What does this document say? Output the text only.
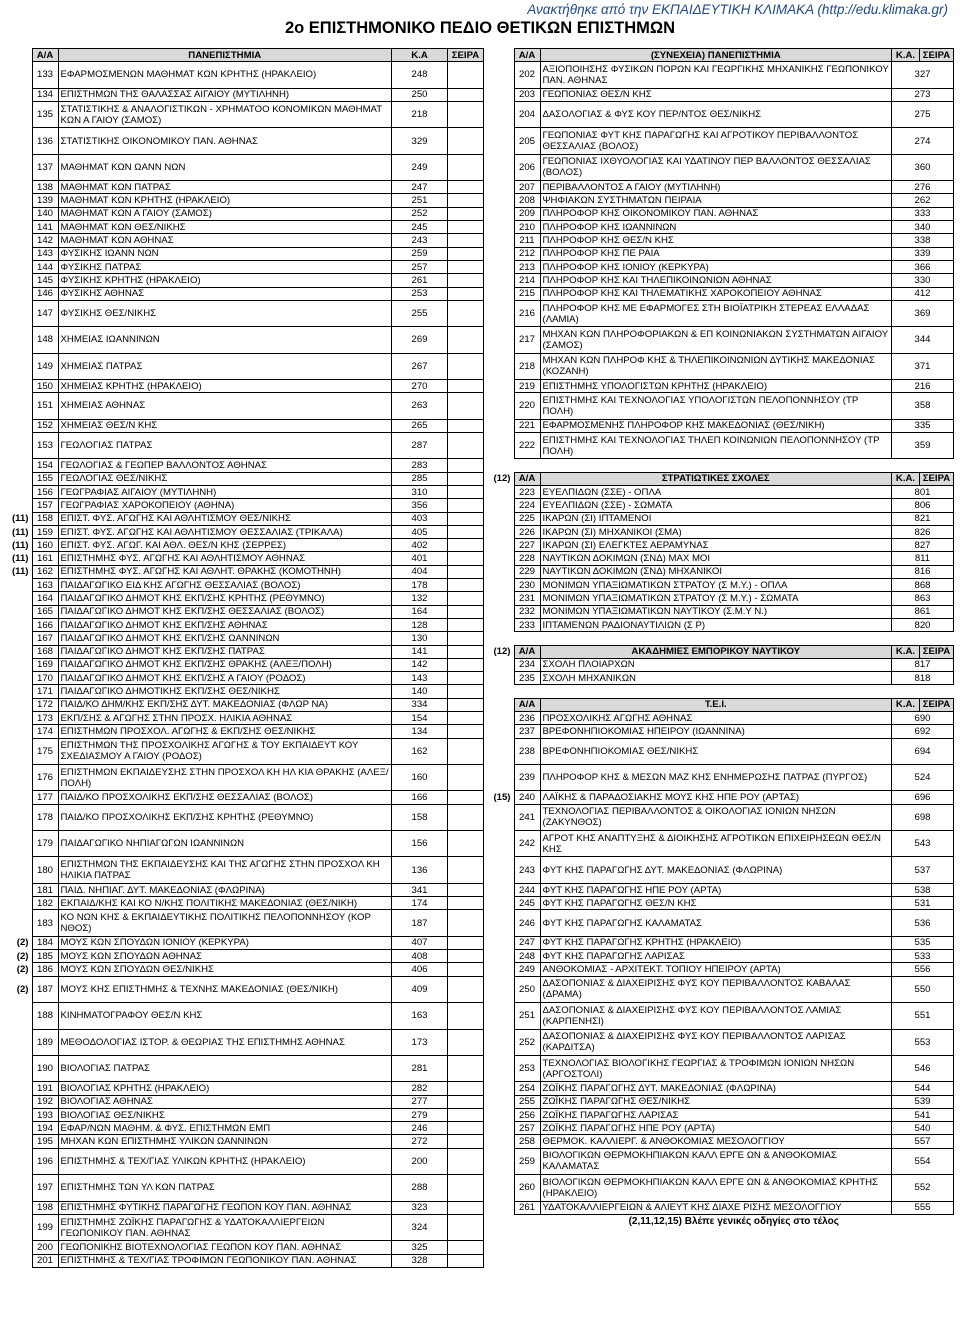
Ανακτήθηκε από την ΕΚΠΑΙΔΕΥΤΙΚΗ ΚΛΙΜΑΚΑ (http://edu.klimaka.gr)
2ο ΕΠΙΣΤΗΜΟΝΙΚΟ ΠΕΔΙΟ ΘΕΤΙΚΩΝ ΕΠΙΣΤΗΜΩΝ
	Α/Α	ΠΑΝΕΠΙΣΤΗΜΙΑ	Κ.Α	ΣΕΙΡΑ
	133	ΕΦΑΡΜΟΣΜΕΝΩΝ ΜΑΘΗΜΑΤ ΚΩΝ ΚΡΗΤΗΣ (ΗΡΑΚΛΕΙΟ)	248	
	134	ΕΠΙΣΤΗΜΩΝ ΤΗΣ ΘΑΛΑΣΣΑΣ ΑΙΓΑΙΟΥ (ΜΥΤΙΛΗΝΗ)	250	
	135	ΣΤΑΤΙΣΤΙΚΗΣ & ΑΝΑΛΟΓΙΣΤΙΚΩΝ - ΧΡΗΜΑΤΟΟ ΚΟΝΟΜΙΚΩΝ ΜΑΘΗΜΑΤ ΚΩΝ Α ΓΑΙΟΥ (ΣΑΜΟΣ)	218	
	136	ΣΤΑΤΙΣΤΙΚΗΣ ΟΙΚΟΝΟΜΙΚΟΥ ΠΑΝ. ΑΘΗΝΑΣ	329	
	137	ΜΑΘΗΜΑΤ ΚΩΝ ΩΑΝΝ ΝΩΝ	249	
	138	ΜΑΘΗΜΑΤ ΚΩΝ ΠΑΤΡΑΣ	247	
	139	ΜΑΘΗΜΑΤ ΚΩΝ ΚΡΗΤΗΣ (ΗΡΑΚΛΕΙΟ)	251	
	140	ΜΑΘΗΜΑΤ ΚΩΝ Α ΓΑΙΟΥ (ΣΑΜΟΣ)	252	
	141	ΜΑΘΗΜΑΤ ΚΩΝ ΘΕΣ/ΝΙΚΗΣ	245	
	142	ΜΑΘΗΜΑΤ ΚΩΝ ΑΘΗΝΑΣ	243	
	143	ΦΥΣΙΚΗΣ ΙΩΑΝΝ ΝΩΝ	259	
	144	ΦΥΣΙΚΗΣ ΠΑΤΡΑΣ	257	
	145	ΦΥΣΙΚΗΣ ΚΡΗΤΗΣ (ΗΡΑΚΛΕΙΟ)	261	
	146	ΦΥΣΙΚΗΣ ΑΘΗΝΑΣ	253	
	147	ΦΥΣΙΚΗΣ ΘΕΣ/ΝΙΚΗΣ	255	
	148	ΧΗΜΕΙΑΣ ΙΩΑΝΝΙΝΩΝ	269	
	149	ΧΗΜΕΙΑΣ ΠΑΤΡΑΣ	267	
	150	ΧΗΜΕΙΑΣ ΚΡΗΤΗΣ (ΗΡΑΚΛΕΙΟ)	270	
	151	ΧΗΜΕΙΑΣ ΑΘΗΝΑΣ	263	
	152	ΧΗΜΕΙΑΣ ΘΕΣ/Ν ΚΗΣ	265	
	153	ΓΕΩΛΟΓΙΑΣ ΠΑΤΡΑΣ	287	
	154	ΓΕΩΛΟΓΙΑΣ & ΓΕΩΠΕΡ ΒΑΛΛΟΝΤΟΣ ΑΘΗΝΑΣ	283	
	155	ΓΕΩΛΟΓΙΑΣ ΘΕΣ/ΝΙΚΗΣ	285	
	156	ΓΕΩΓΡΑΦΙΑΣ ΑΙΓΑΙΟΥ (ΜΥΤΙΛΗΝΗ)	310	
	157	ΓΕΩΓΡΑΦΙΑΣ ΧΑΡΟΚΟΠΕΙΟΥ (ΑΘΗΝΑ)	356	
(11)	158	ΕΠΙΣΤ. ΦΥΣ. ΑΓΩΓΗΣ ΚΑΙ ΑΘΛΗΤΙΣΜΟΥ ΘΕΣ/ΝΙΚΗΣ	403	
(11)	159	ΕΠΙΣΤ. ΦΥΣ. ΑΓΩΓΗΣ ΚΑΙ ΑΘΛΗΤΙΣΜΟΥ ΘΕΣΣΑΛΙΑΣ (ΤΡΙΚΑΛΑ)	405	
(11)	160	ΕΠΙΣΤ. ΦΥΣ. ΑΓΩΓ. ΚΑΙ ΑΘΛ. ΘΕΣ/Ν ΚΗΣ (ΣΕΡΡΕΣ)	402	
(11)	161	ΕΠΙΣΤΗΜΗΣ ΦΥΣ. ΑΓΩΓΗΣ ΚΑΙ ΑΘΛΗΤΙΣΜΟΥ ΑΘΗΝΑΣ	401	
(11)	162	ΕΠΙΣΤΗΜΗΣ ΦΥΣ. ΑΓΩΓΗΣ ΚΑΙ ΑΘΛΗΤ. ΘΡΑΚΗΣ (ΚΟΜΟΤΗΝΗ)	404	
	163	ΠΑΙΔΑΓΩΓΙΚΟ ΕΙΔ ΚΗΣ ΑΓΩΓΗΣ ΘΕΣΣΑΛΙΑΣ (ΒΟΛΟΣ)	178	
	164	ΠΑΙΔΑΓΩΓΙΚΟ ΔΗΜΟΤ ΚΗΣ ΕΚΠ/ΣΗΣ ΚΡΗΤΗΣ (ΡΕΘΥΜΝΟ)	132	
	165	ΠΑΙΔΑΓΩΓΙΚΟ ΔΗΜΟΤ ΚΗΣ ΕΚΠ/ΣΗΣ ΘΕΣΣΑΛΙΑΣ (ΒΟΛΟΣ)	164	
	166	ΠΑΙΔΑΓΩΓΙΚΟ ΔΗΜΟΤ ΚΗΣ ΕΚΠ/ΣΗΣ ΑΘΗΝΑΣ	128	
	167	ΠΑΙΔΑΓΩΓΙΚΟ ΔΗΜΟΤ ΚΗΣ ΕΚΠ/ΣΗΣ ΩΑΝΝΙΝΩΝ	130	
	168	ΠΑΙΔΑΓΩΓΙΚΟ ΔΗΜΟΤ ΚΗΣ ΕΚΠ/ΣΗΣ ΠΑΤΡΑΣ	141	
	169	ΠΑΙΔΑΓΩΓΙΚΟ ΔΗΜΟΤ ΚΗΣ ΕΚΠ/ΣΗΣ ΘΡΑΚΗΣ (ΑΛΕΞ/ΠΟΛΗ)	142	
	170	ΠΑΙΔΑΓΩΓΙΚΟ ΔΗΜΟΤ ΚΗΣ ΕΚΠ/ΣΗΣ Α ΓΑΙΟΥ (ΡΟΔΟΣ)	143	
	171	ΠΑΙΔΑΓΩΓΙΚΟ ΔΗΜΟΤΙΚΗΣ ΕΚΠ/ΣΗΣ ΘΕΣ/ΝΙΚΗΣ	140	
	172	ΠΑΙΔ/ΚΟ ΔΗΜ/ΚΗΣ ΕΚΠ/ΣΗΣ ΔΥΤ. ΜΑΚΕΔΟΝΙΑΣ (ΦΛΩΡ ΝΑ)	334	
	173	ΕΚΠ/ΣΗΣ & ΑΓΩΓΗΣ ΣΤΗΝ ΠΡΟΣΧ. ΗΛΙΚΙΑ ΑΘΗΝΑΣ	154	
	174	ΕΠΙΣΤΗΜΩΝ ΠΡΟΣΧΟΛ. ΑΓΩΓΗΣ & ΕΚΠ/ΣΗΣ ΘΕΣ/ΝΙΚΗΣ	134	
	175	ΕΠΙΣΤΗΜΩΝ ΤΗΣ ΠΡΟΣΧΟΛΙΚΗΣ ΑΓΩΓΗΣ & ΤΟΥ ΕΚΠΑΙΔΕΥΤ ΚΟΥ ΣΧΕΔΙΑΣΜΟΥ Α ΓΑΙΟΥ (ΡΟΔΟΣ)	162	
	176	ΕΠΙΣΤΗΜΩΝ ΕΚΠΑΙΔΕΥΣΗΣ ΣΤΗΝ ΠΡΟΣΧΟΛ ΚΗ ΗΛ ΚΙΑ ΘΡΑΚΗΣ (ΑΛΕΞ/ΠΟΛΗ)	160	
	177	ΠΑΙΔ/ΚΟ ΠΡΟΣΧΟΛΙΚΗΣ ΕΚΠ/ΣΗΣ ΘΕΣΣΑΛΙΑΣ (ΒΟΛΟΣ)	166	
	178	ΠΑΙΔ/ΚΟ ΠΡΟΣΧΟΛΙΚΗΣ ΕΚΠ/ΣΗΣ ΚΡΗΤΗΣ (ΡΕΘΥΜΝΟ)	158	
	179	ΠΑΙΔΑΓΩΓΙΚΟ ΝΗΠΙΑΓΩΓΩΝ ΙΩΑΝΝΙΝΩΝ	156	
	180	ΕΠΙΣΤΗΜΩΝ ΤΗΣ ΕΚΠΑΙΔΕΥΣΗΣ ΚΑΙ ΤΗΣ ΑΓΩΓΗΣ ΣΤΗΝ ΠΡΟΣΧΟΛ ΚΗ ΗΛΙΚΙΑ ΠΑΤΡΑΣ	136	
	181	ΠΑΙΔ. ΝΗΠΙΑΓ. ΔΥΤ. ΜΑΚΕΔΟΝΙΑΣ (ΦΛΩΡΙΝΑ)	341	
	182	ΕΚΠΑΙΔ/ΚΗΣ ΚΑΙ ΚΟ Ν/ΚΗΣ ΠΟΛΙΤΙΚΗΣ ΜΑΚΕΔΟΝΙΑΣ (ΘΕΣ/ΝΙΚΗ)	174	
	183	ΚΟ ΝΩΝ ΚΗΣ & ΕΚΠΑΙΔΕΥΤΙΚΗΣ ΠΟΛΙΤΙΚΗΣ ΠΕΛΟΠΟΝΝΗΣΟΥ (ΚΟΡ ΝΘΟΣ)	187	
(2)	184	ΜΟΥΣ ΚΩΝ ΣΠΟΥΔΩΝ ΙΟΝΙΟΥ (ΚΕΡΚΥΡΑ)	407	
(2)	185	ΜΟΥΣ ΚΩΝ ΣΠΟΥΔΩΝ ΑΘΗΝΑΣ	408	
(2)	186	ΜΟΥΣ ΚΩΝ ΣΠΟΥΔΩΝ ΘΕΣ/ΝΙΚΗΣ	406	
(2)	187	ΜΟΥΣ ΚΗΣ ΕΠΙΣΤΗΜΗΣ & ΤΕΧΝΗΣ ΜΑΚΕΔΟΝΙΑΣ (ΘΕΣ/ΝΙΚΗ)	409	
	188	ΚΙΝΗΜΑΤΟΓΡΑΦΟΥ ΘΕΣ/Ν ΚΗΣ	163	
	189	ΜΕΘΟΔΟΛΟΓΙΑΣ ΙΣΤΟΡ. & ΘΕΩΡΙΑΣ ΤΗΣ ΕΠΙΣΤΗΜΗΣ ΑΘΗΝΑΣ	173	
	190	ΒΙΟΛΟΓΙΑΣ ΠΑΤΡΑΣ	281	
	191	ΒΙΟΛΟΓΙΑΣ ΚΡΗΤΗΣ (ΗΡΑΚΛΕΙΟ)	282	
	192	ΒΙΟΛΟΓΙΑΣ ΑΘΗΝΑΣ	277	
	193	ΒΙΟΛΟΓΙΑΣ ΘΕΣ/ΝΙΚΗΣ	279	
	194	ΕΦΑΡ/ΝΩΝ ΜΑΘΗΜ. & ΦΥΣ. ΕΠΙΣΤΗΜΩΝ ΕΜΠ	246	
	195	ΜΗΧΑΝ ΚΩΝ ΕΠΙΣΤΗΜΗΣ ΥΛΙΚΩΝ ΩΑΝΝΙΝΩΝ	272	
	196	ΕΠΙΣΤΗΜΗΣ & ΤΕΧ/ΓΙΑΣ ΥΛΙΚΩΝ ΚΡΗΤΗΣ (ΗΡΑΚΛΕΙΟ)	200	
	197	ΕΠΙΣΤΗΜΗΣ ΤΩΝ ΥΛ ΚΩΝ ΠΑΤΡΑΣ	288	
	198	ΕΠΙΣΤΗΜΗΣ ΦΥΤΙΚΗΣ ΠΑΡΑΓΩΓΗΣ ΓΕΩΠΟΝ ΚΟΥ ΠΑΝ. ΑΘΗΝΑΣ	323	
	199	ΕΠΙΣΤΗΜΗΣ ΖΩΪΚΗΣ ΠΑΡΑΓΩΓΗΣ & ΥΔΑΤΟΚΑΛΛΙΕΡΓΕΙΩΝ ΓΕΩΠΟΝΙΚΟΥ ΠΑΝ. ΑΘΗΝΑΣ	324	
	200	ΓΕΩΠΟΝΙΚΗΣ ΒΙΟΤΕΧΝΟΛΟΓΙΑΣ ΓΕΩΠΟΝ ΚΟΥ ΠΑΝ. ΑΘΗΝΑΣ	325	
	201	ΕΠΙΣΤΗΜΗΣ & ΤΕΧ/ΓΙΑΣ ΤΡΟΦΙΜΩΝ ΓΕΩΠΟΝΙΚΟΥ ΠΑΝ. ΑΘΗΝΑΣ	328	
	Α/Α	(ΣΥΝΕΧΕΙΑ) ΠΑΝΕΠΙΣΤΗΜΙΑ	Κ.Α.	ΣΕΙΡΑ
	202	ΑΞΙΟΠΟΙΗΣΗΣ ΦΥΣΙΚΩΝ ΠΟΡΩΝ ΚΑΙ ΓΕΩΡΓΙΚΗΣ ΜΗΧΑΝΙΚΗΣ ΓΕΩΠΟΝΙΚΟΥ ΠΑΝ. ΑΘΗΝΑΣ	327	
	203	ΓΕΩΠΟΝΙΑΣ ΘΕΣ/Ν ΚΗΣ	273	
	204	ΔΑΣΟΛΟΓΙΑΣ & ΦΥΣ ΚΟΥ ΠΕΡ/ΝΤΟΣ ΘΕΣ/ΝΙΚΗΣ	275	
	205	ΓΕΩΠΟΝΙΑΣ ΦΥΤ ΚΗΣ ΠΑΡΑΓΩΓΗΣ ΚΑΙ ΑΓΡΟΤΙΚΟΥ ΠΕΡΙΒΑΛΛΟΝΤΟΣ ΘΕΣΣΑΛΙΑΣ (ΒΟΛΟΣ)	274	
	206	ΓΕΩΠΟΝΙΑΣ ΙΧΘΥΟΛΟΓΙΑΣ ΚΑΙ ΥΔΑΤΙΝΟΥ ΠΕΡ ΒΑΛΛΟΝΤΟΣ ΘΕΣΣΑΛΙΑΣ (ΒΟΛΟΣ)	360	
	207	ΠΕΡΙΒΑΛΛΟΝΤΟΣ Α ΓΑΙΟΥ (ΜΥΤΙΛΗΝΗ)	276	
	208	ΨΗΦΙΑΚΩΝ ΣΥΣΤΗΜΑΤΩΝ ΠΕΙΡΑΙΑ	262	
	209	ΠΛΗΡΟΦΟΡ ΚΗΣ ΟΙΚΟΝΟΜΙΚΟΥ ΠΑΝ. ΑΘΗΝΑΣ	333	
	210	ΠΛΗΡΟΦΟΡ ΚΗΣ ΙΩΑΝΝΙΝΩΝ	340	
	211	ΠΛΗΡΟΦΟΡ ΚΗΣ ΘΕΣ/Ν ΚΗΣ	338	
	212	ΠΛΗΡΟΦΟΡ ΚΗΣ ΠΕ ΡΑΙΑ	339	
	213	ΠΛΗΡΟΦΟΡ ΚΗΣ ΙΟΝΙΟΥ (ΚΕΡΚΥΡΑ)	366	
	214	ΠΛΗΡΟΦΟΡ ΚΗΣ ΚΑΙ ΤΗΛΕΠΙΚΟΙΝΩΝΙΩΝ ΑΘΗΝΑΣ	330	
	215	ΠΛΗΡΟΦΟΡ ΚΗΣ ΚΑΙ ΤΗΛΕΜΑΤΙΚΗΣ ΧΑΡΟΚΟΠΕΙΟΥ ΑΘΗΝΑΣ	412	
	216	ΠΛΗΡΟΦΟΡ ΚΗΣ ΜΕ ΕΦΑΡΜΟΓΕΣ ΣΤΗ ΒΙΟΪΑΤΡΙΚΗ ΣΤΕΡΕΑΣ ΕΛΛΑΔΑΣ (ΛΑΜΙΑ)	369	
	217	ΜΗΧΑΝ ΚΩΝ ΠΛΗΡΟΦΟΡΙΑΚΩΝ & ΕΠ ΚΟΙΝΩΝΙΑΚΩΝ ΣΥΣΤΗΜΑΤΩΝ ΑΙΓΑΙΟΥ (ΣΑΜΟΣ)	344	
	218	ΜΗΧΑΝ ΚΩΝ ΠΛΗΡΟΦ ΚΗΣ & ΤΗΛΕΠΙΚΟΙΝΩΝΙΩΝ ΔΥΤΙΚΗΣ ΜΑΚΕΔΟΝΙΑΣ (ΚΟΖΑΝΗ)	371	
	219	ΕΠΙΣΤΗΜΗΣ ΥΠΟΛΟΓΙΣΤΩΝ ΚΡΗΤΗΣ (ΗΡΑΚΛΕΙΟ)	216	
	220	ΕΠΙΣΤΗΜΗΣ ΚΑΙ ΤΕΧΝΟΛΟΓΙΑΣ ΥΠΟΛΟΓΙΣΤΩΝ ΠΕΛΟΠΟΝΝΗΣΟΥ (ΤΡ ΠΟΛΗ)	358	
	221	ΕΦΑΡΜΟΣΜΕΝΗΣ ΠΛΗΡΟΦΟΡ ΚΗΣ ΜΑΚΕΔΟΝΙΑΣ (ΘΕΣ/ΝΙΚΗ)	335	
	222	ΕΠΙΣΤΗΜΗΣ ΚΑΙ ΤΕΧΝΟΛΟΓΙΑΣ ΤΗΛΕΠ ΚΟΙΝΩΝΙΩΝ ΠΕΛΟΠΟΝΝΗΣΟΥ (ΤΡ ΠΟΛΗ)	359	

(12)	Α/Α	ΣΤΡΑΤΙΩΤΙΚΕΣ ΣΧΟΛΕΣ	Κ.Α.	ΣΕΙΡΑ
	223	ΕΥΕΛΠΙΔΩΝ (ΣΣΕ) - ΟΠΛΑ	801	
	224	ΕΥΕΛΠΙΔΩΝ (ΣΣΕ) - ΣΩΜΑΤΑ	806	
	225	ΙΚΑΡΩΝ (ΣΙ) ΙΠΤΑΜΕΝΟΙ	821	
	226	ΙΚΑΡΩΝ (ΣΙ) ΜΗΧΑΝΙΚΟΙ (ΣΜΑ)	826	
	227	ΙΚΑΡΩΝ (ΣΙ) ΕΛΕΓΚΤΕΣ ΑΕΡΑΜΥΝΑΣ	827	
	228	ΝΑΥΤΙΚΩΝ ΔΟΚΙΜΩΝ (ΣΝΔ) ΜΑΧ ΜΟΙ	811	
	229	ΝΑΥΤΙΚΩΝ ΔΟΚΙΜΩΝ (ΣΝΔ) ΜΗΧΑΝΙΚΟΙ	816	
	230	ΜΟΝΙΜΩΝ ΥΠΑΞΙΩΜΑΤΙΚΩΝ ΣΤΡΑΤΟΥ (Σ Μ.Υ.) - ΟΠΛΑ	868	
	231	ΜΟΝΙΜΩΝ ΥΠΑΞΙΩΜΑΤΙΚΩΝ ΣΤΡΑΤΟΥ (Σ Μ.Υ.) - ΣΩΜΑΤΑ	863	
	232	ΜΟΝΙΜΩΝ ΥΠΑΞΙΩΜΑΤΙΚΩΝ ΝΑΥΤΙΚΟΥ (Σ.Μ.Υ Ν.)	861	
	233	ΙΠΤΑΜΕΝΩΝ ΡΑΔΙΟΝΑΥΤΙΛΙΩΝ (Σ Ρ)	820	

(12)	Α/Α	ΑΚΑΔΗΜΙΕΣ ΕΜΠΟΡΙΚΟΥ ΝΑΥΤΙΚΟΥ	Κ.Α.	ΣΕΙΡΑ
	234	ΣΧΟΛΗ ΠΛΟΙΑΡΧΩΝ	817	
	235	ΣΧΟΛΗ ΜΗΧΑΝΙΚΩΝ	818	

	Α/Α	Τ.Ε.Ι.	Κ.Α.	ΣΕΙΡΑ
	236	ΠΡΟΣΧΟΛΙΚΗΣ ΑΓΩΓΗΣ ΑΘΗΝΑΣ	690	
	237	ΒΡΕΦΟΝΗΠΙΟΚΟΜΙΑΣ ΗΠΕΙΡΟΥ (ΙΩΑΝΝΙΝΑ)	692	
	238	ΒΡΕΦΟΝΗΠΙΟΚΟΜΙΑΣ ΘΕΣ/ΝΙΚΗΣ	694	
	239	ΠΛΗΡΟΦΟΡ ΚΗΣ & ΜΕΣΩΝ ΜΑΖ ΚΗΣ ΕΝΗΜΕΡΩΣΗΣ ΠΑΤΡΑΣ (ΠΥΡΓΟΣ)	524	
(15)	240	ΛΑΪΚΗΣ & ΠΑΡΑΔΟΣΙΑΚΗΣ ΜΟΥΣ ΚΗΣ ΗΠΕ ΡΟΥ (ΑΡΤΑΣ)	696	
	241	ΤΕΧΝΟΛΟΓΙΑΣ ΠΕΡΙΒΑΛΛΟΝΤΟΣ & ΟΙΚΟΛΟΓΙΑΣ ΙΟΝΙΩΝ ΝΗΣΩΝ (ΖΑΚΥΝΘΟΣ)	698	
	242	ΑΓΡΟΤ ΚΗΣ ΑΝΑΠΤΥΞΗΣ & ΔΙΟΙΚΗΣΗΣ ΑΓΡΟΤΙΚΩΝ ΕΠΙΧΕΙΡΗΣΕΩΝ ΘΕΣ/Ν ΚΗΣ	543	
	243	ΦΥΤ ΚΗΣ ΠΑΡΑΓΩΓΗΣ ΔΥΤ. ΜΑΚΕΔΟΝΙΑΣ (ΦΛΩΡΙΝΑ)	537	
	244	ΦΥΤ ΚΗΣ ΠΑΡΑΓΩΓΗΣ ΗΠΕ ΡΟΥ (ΑΡΤΑ)	538	
	245	ΦΥΤ ΚΗΣ ΠΑΡΑΓΩΓΗΣ ΘΕΣ/Ν ΚΗΣ	531	
	246	ΦΥΤ ΚΗΣ ΠΑΡΑΓΩΓΗΣ ΚΑΛΑΜΑΤΑΣ	536	
	247	ΦΥΤ ΚΗΣ ΠΑΡΑΓΩΓΗΣ ΚΡΗΤΗΣ (ΗΡΑΚΛΕΙΟ)	535	
	248	ΦΥΤ ΚΗΣ ΠΑΡΑΓΩΓΗΣ ΛΑΡΙΣΑΣ	533	
	249	ΑΝΘΟΚΟΜΙΑΣ - ΑΡΧΙΤΕΚΤ. ΤΟΠΙΟΥ ΗΠΕΙΡΟΥ (ΑΡΤΑ)	556	
	250	ΔΑΣΟΠΟΝΙΑΣ & ΔΙΑΧΕΙΡΙΣΗΣ ΦΥΣ ΚΟΥ ΠΕΡΙΒΑΛΛΟΝΤΟΣ ΚΑΒΑΛΑΣ (ΔΡΑΜΑ)	550	
	251	ΔΑΣΟΠΟΝΙΑΣ & ΔΙΑΧΕΙΡΙΣΗΣ ΦΥΣ ΚΟΥ ΠΕΡΙΒΑΛΛΟΝΤΟΣ ΛΑΜΙΑΣ (ΚΑΡΠΕΝΗΣΙ)	551	
	252	ΔΑΣΟΠΟΝΙΑΣ & ΔΙΑΧΕΙΡΙΣΗΣ ΦΥΣ ΚΟΥ ΠΕΡΙΒΑΛΛΟΝΤΟΣ ΛΑΡΙΣΑΣ (ΚΑΡΔΙΤΣΑ)	553	
	253	ΤΕΧΝΟΛΟΓΙΑΣ ΒΙΟΛΟΓΙΚΗΣ ΓΕΩΡΓΙΑΣ & ΤΡΟΦΙΜΩΝ ΙΟΝΙΩΝ ΝΗΣΩΝ (ΑΡΓΟΣΤΟΛΙ)	546	
	254	ΖΩΪΚΗΣ ΠΑΡΑΓΩΓΗΣ ΔΥΤ. ΜΑΚΕΔΟΝΙΑΣ (ΦΛΩΡΙΝΑ)	544	
	255	ΖΩΪΚΗΣ ΠΑΡΑΓΩΓΗΣ ΘΕΣ/ΝΙΚΗΣ	539	
	256	ΖΩΪΚΗΣ ΠΑΡΑΓΩΓΗΣ ΛΑΡΙΣΑΣ	541	
	257	ΖΩΪΚΗΣ ΠΑΡΑΓΩΓΗΣ ΗΠΕ ΡΟΥ (ΑΡΤΑ)	540	
	258	ΘΕΡΜΟΚ. ΚΑΛΛΙΕΡΓ. & ΑΝΘΟΚΟΜΙΑΣ ΜΕΣΟΛΟΓΓΙΟΥ	557	
	259	ΒΙΟΛΟΓΙΚΩΝ ΘΕΡΜΟΚΗΠΙΑΚΩΝ ΚΑΛΛ ΕΡΓΕ ΩΝ & ΑΝΘΟΚΟΜΙΑΣ ΚΑΛΑΜΑΤΑΣ	554	
	260	ΒΙΟΛΟΓΙΚΩΝ ΘΕΡΜΟΚΗΠΙΑΚΩΝ ΚΑΛΛ ΕΡΓΕ ΩΝ & ΑΝΘΟΚΟΜΙΑΣ ΚΡΗΤΗΣ (ΗΡΑΚΛΕΙΟ)	552	
	261	ΥΔΑΤΟΚΑΛΛΙΕΡΓΕΙΩΝ & ΑΛΙΕΥΤ ΚΗΣ ΔΙΑΧΕ ΡΙΣΗΣ ΜΕΣΟΛΟΓΓΙΟΥ	555	
	(2,11,12,15) Βλέπε γενικές οδηγίες στο τέλος			
